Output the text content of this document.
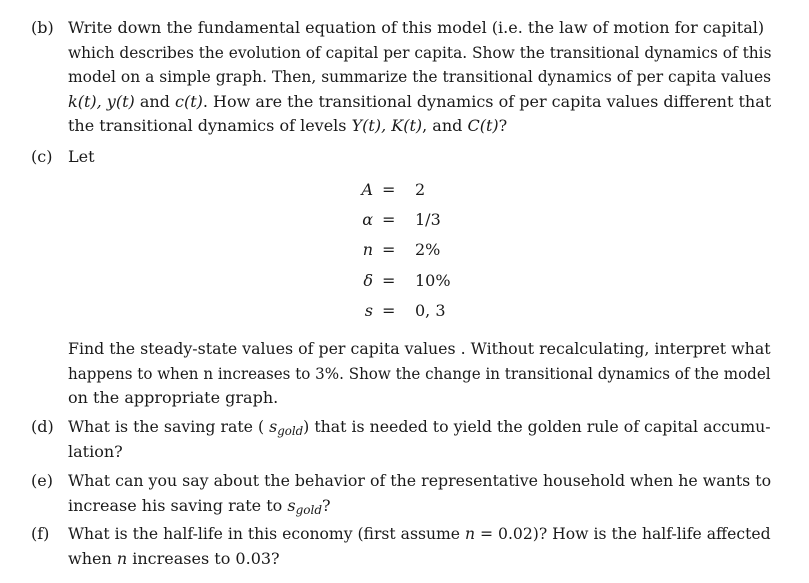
(b) Write down the fundamental equation of this model (i.e. the law of motion for capital)
which describes the evolution of capital per capita. Show the transitional dynamics of this
model on a simple graph. Then, summarize the transitional dynamics of per capita values
k(t), y(t) and c(t). How are the transitional dynamics of per capita values different that
the transitional dynamics of levels Y(t), K(t), and C(t)?
(c) Let
A = 2
α = 1/3
n = 2%
δ = 10%
s = 0, 3
Find the steady-state values of per capita values . Without recalculating, interpret what
happens to when n increases to 3%. Show the change in transitional dynamics of the model
on the appropriate graph.
(d) What is the saving rate ( sgold) that is needed to yield the golden rule of capital accumu-
lation?
(e) What can you say about the behavior of the representative household when he wants to
increase his saving rate to sgold?
(f) What is the half-life in this economy (first assume n = 0.02)? How is the half-life affected
when n increases to 0.03?
